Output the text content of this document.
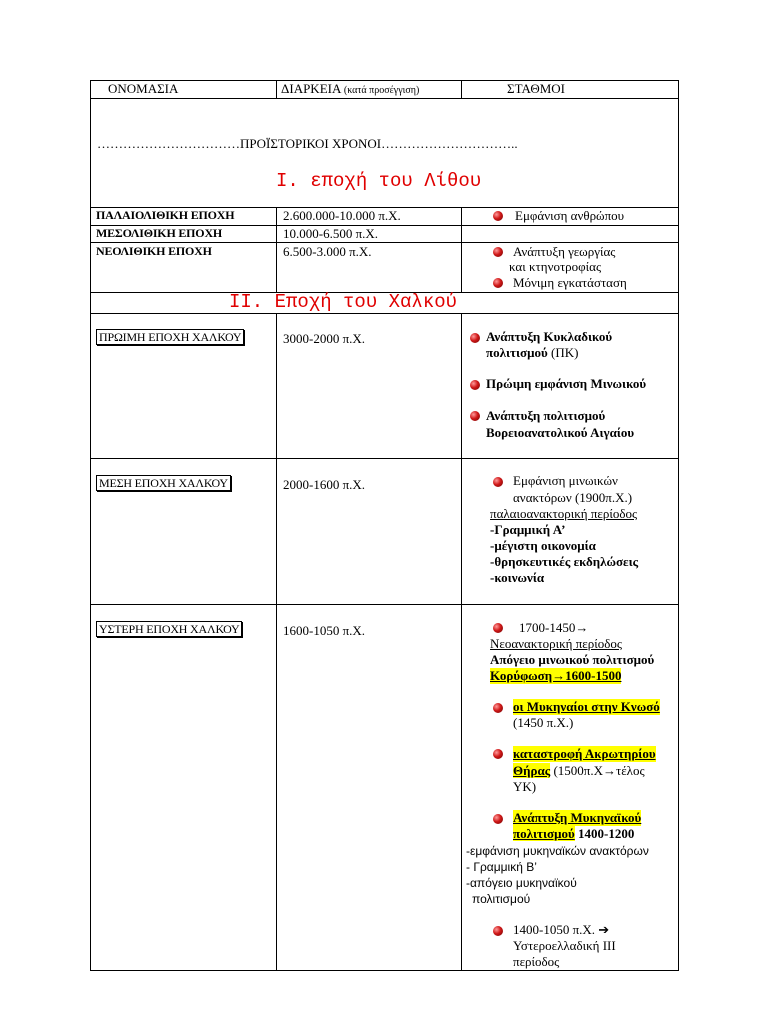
ΟΝΟΜΑΣΙΑ	ΔΙΑΡΚΕΙΑ (κατά προσέγγιση)	ΣΤΑΘΜΟΙ
……………………………ΠΡΟΪΣΤΟΡΙΚΟΙ ΧΡΟΝΟΙ…………………………..
I. εποχή του Λίθου
ΠΑΛΑΙΟΛΙΘΙΚΗ ΕΠΟΧΗ	2.600.000-10.000 π.Χ.	Εμφάνιση ανθρώπου
ΜΕΣΟΛΙΘΙΚΗ ΕΠΟΧΗ	10.000-6.500 π.Χ.
ΝΕΟΛΙΘΙΚΗ ΕΠΟΧΗ	6.500-3.000 π.Χ.	Ανάπτυξη γεωργίας
και κτηνοτροφίας
Μόνιμη εγκατάσταση
II. Εποχή του Χαλκού
ΠΡΩΙΜΗ ΕΠΟΧΗ ΧΑΛΚΟΥ	3000-2000 π.Χ.	Ανάπτυξη Κυκλαδικού
πολιτισμού (ΠΚ)
Πρώιμη εμφάνιση Μινωικού
Ανάπτυξη πολιτισμού
Βορειοανατολικού Αιγαίου
ΜΕΣΗ ΕΠΟΧΗ ΧΑΛΚΟΥ	2000-1600 π.Χ.	Εμφάνιση μινωικών
ανακτόρων (1900π.Χ.)
παλαιοανακτορική περίοδος
-Γραμμική Α’
-μέγιστη οικονομία
-θρησκευτικές εκδηλώσεις
-κοινωνία
ΥΣΤΕΡΗ ΕΠΟΧΗ ΧΑΛΚΟΥ	1600-1050 π.Χ.	1700-1450→
Νεοανακτορική περίοδος
Απόγειο μινωικού πολιτισμού
Κορύφωση→1600-1500
οι Μυκηναίοι στην Κνωσό
(1450 π.Χ.)
καταστροφή Ακρωτηρίου
Θήρας (1500π.Χ→τέλος
ΥΚ)
Ανάπτυξη Μυκηναϊκού
πολιτισμού 1400-1200
-εμφάνιση μυκηναϊκών ανακτόρων
- Γραμμική Β’
-απόγειο μυκηναϊκού
πολιτισμού
1400-1050 π.Χ. ➔
Υστεροελλαδική ΙΙΙ
περίοδος
